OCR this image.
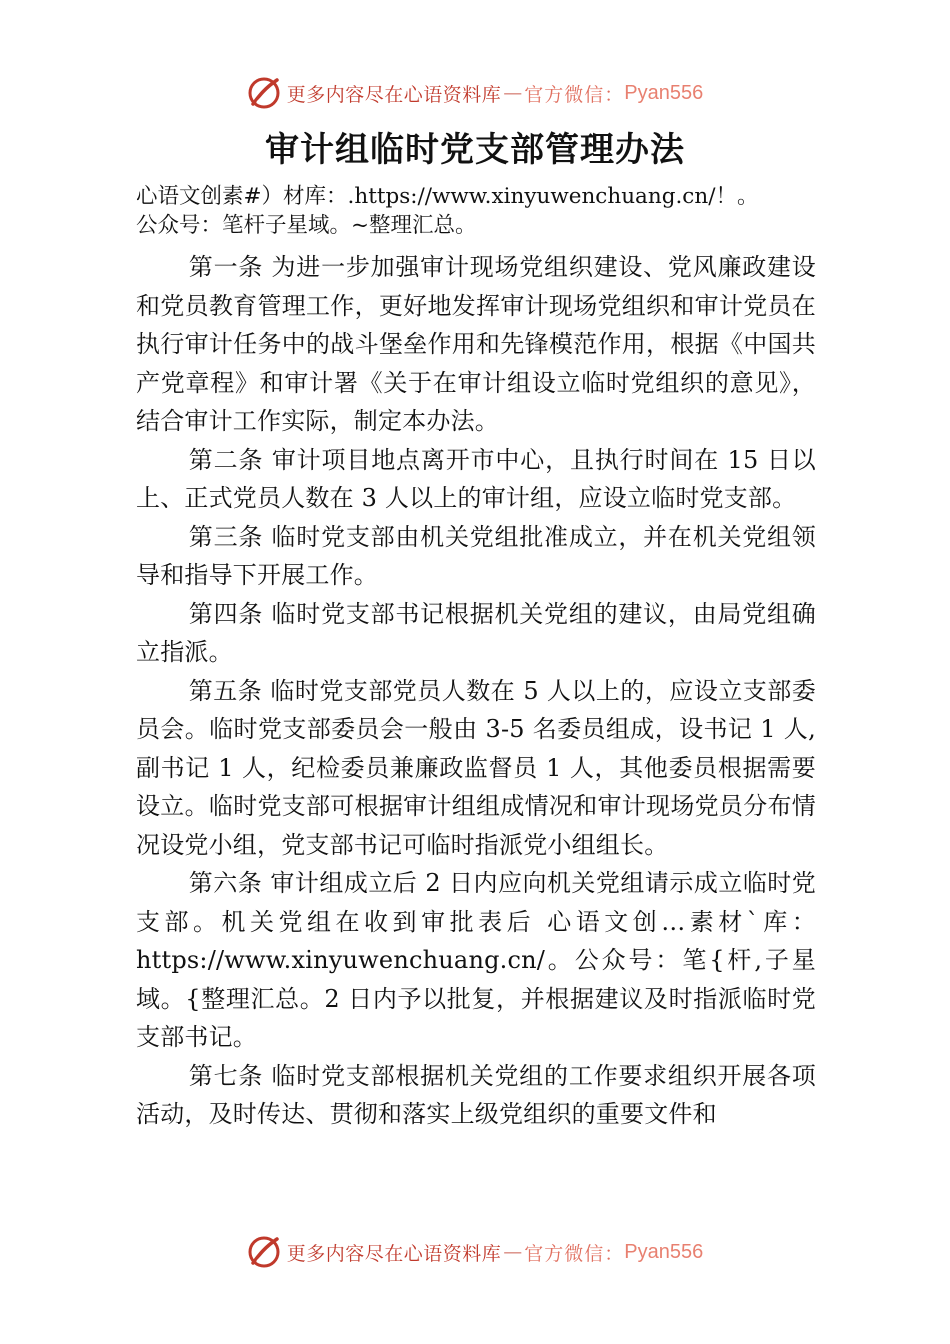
更多内容尽在心语资料库 — 官方微信： Pyan556
审计组临时党支部管理办法
心语文创素#）材库：.https://www.xinyuwenchuang.cn/！。
公众号：笔杆子星域。~整理汇总。

第一条 为进一步加强审计现场党组织建设、党风廉政建设和党员教育管理工作，更好地发挥审计现场党组织和审计党员在执行审计任务中的战斗堡垒作用和先锋模范作用，根据《中国共产党章程》和审计署《关于在审计组设立临时党组织的意见》，结合审计工作实际，制定本办法。

第二条 审计项目地点离开市中心，且执行时间在 15 日以上、正式党员人数在 3 人以上的审计组，应设立临时党支部。

第三条 临时党支部由机关党组批准成立，并在机关党组领导和指导下开展工作。

第四条 临时党支部书记根据机关党组的建议，由局党组确立指派。

第五条 临时党支部党员人数在 5 人以上的，应设立支部委员会。临时党支部委员会一般由 3-5 名委员组成，设书记 1 人,副书记 1 人，纪检委员兼廉政监督员 1 人，其他委员根据需要设立。临时党支部可根据审计组组成情况和审计现场党员分布情况设党小组，党支部书记可临时指派党小组组长。

第六条 审计组成立后 2 日内应向机关党组请示成立临时党支部。机关党组在收到审批表后 心语文创…素材`库：https://www.xinyuwenchuang.cn/。公众号：笔{杆,子星域。{整理汇总。2 日内予以批复，并根据建议及时指派临时党支部书记。

第七条 临时党支部根据机关党组的工作要求组织开展各项活动，及时传达、贯彻和落实上级党组织的重要文件和

更多内容尽在心语资料库 — 官方微信： Pyan556
